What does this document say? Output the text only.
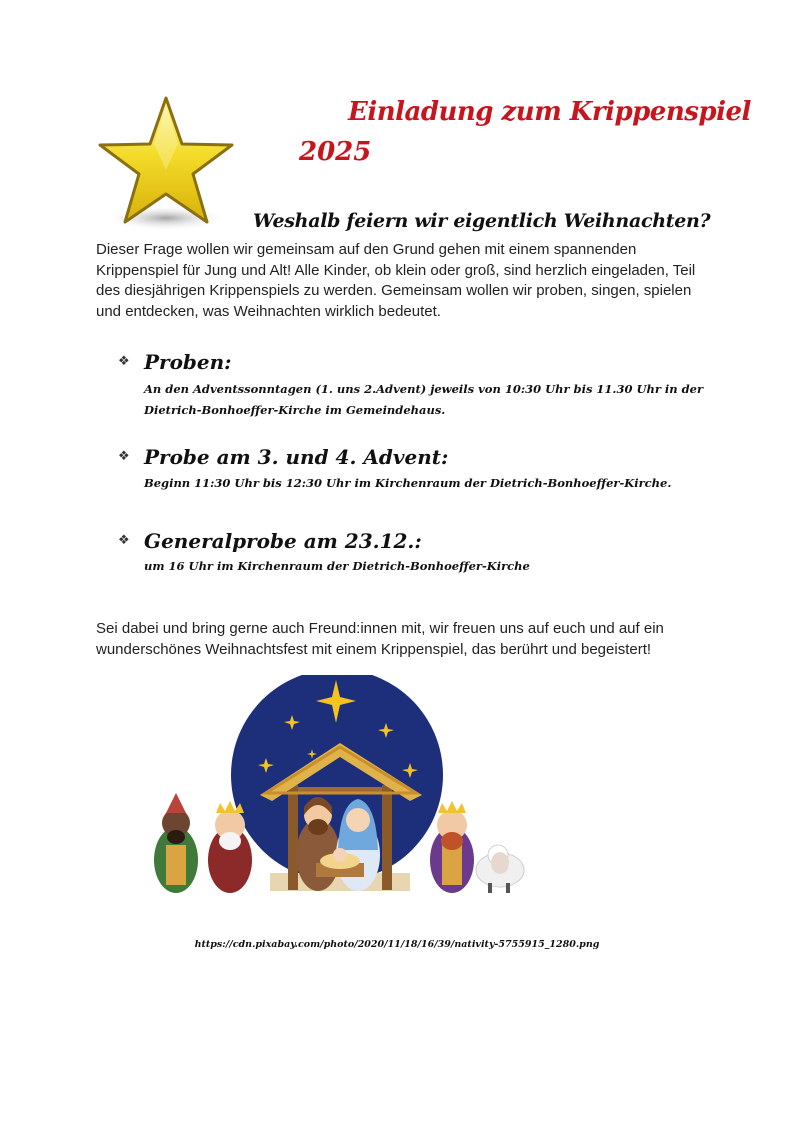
Einladung zum Krippenspiel
2025
Weshalb feiern wir eigentlich Weihnachten?
Dieser Frage wollen wir gemeinsam auf den Grund gehen mit einem spannenden Krippenspiel für Jung und Alt! Alle Kinder, ob klein oder groß, sind herzlich eingeladen, Teil des diesjährigen Krippenspiels zu werden. Gemeinsam wollen wir proben, singen, spielen und entdecken, was Weihnachten wirklich bedeutet.
❖ Proben:
An den Adventssonntagen (1. uns 2.Advent) jeweils von 10:30 Uhr bis 11.30 Uhr in der Dietrich-Bonhoeffer-Kirche im Gemeindehaus.
❖ Probe am 3. und 4. Advent:
Beginn 11:30 Uhr bis 12:30 Uhr im Kirchenraum der Dietrich-Bonhoeffer-Kirche.
❖ Generalprobe am 23.12.:
um 16 Uhr im Kirchenraum der Dietrich-Bonhoeffer-Kirche
Sei dabei und bring gerne auch Freund:innen mit, wir freuen uns auf euch und auf ein wunderschönes Weihnachtsfest mit einem Krippenspiel, das berührt und begeistert!
https://cdn.pixabay.com/photo/2020/11/18/16/39/nativity-5755915_1280.png
